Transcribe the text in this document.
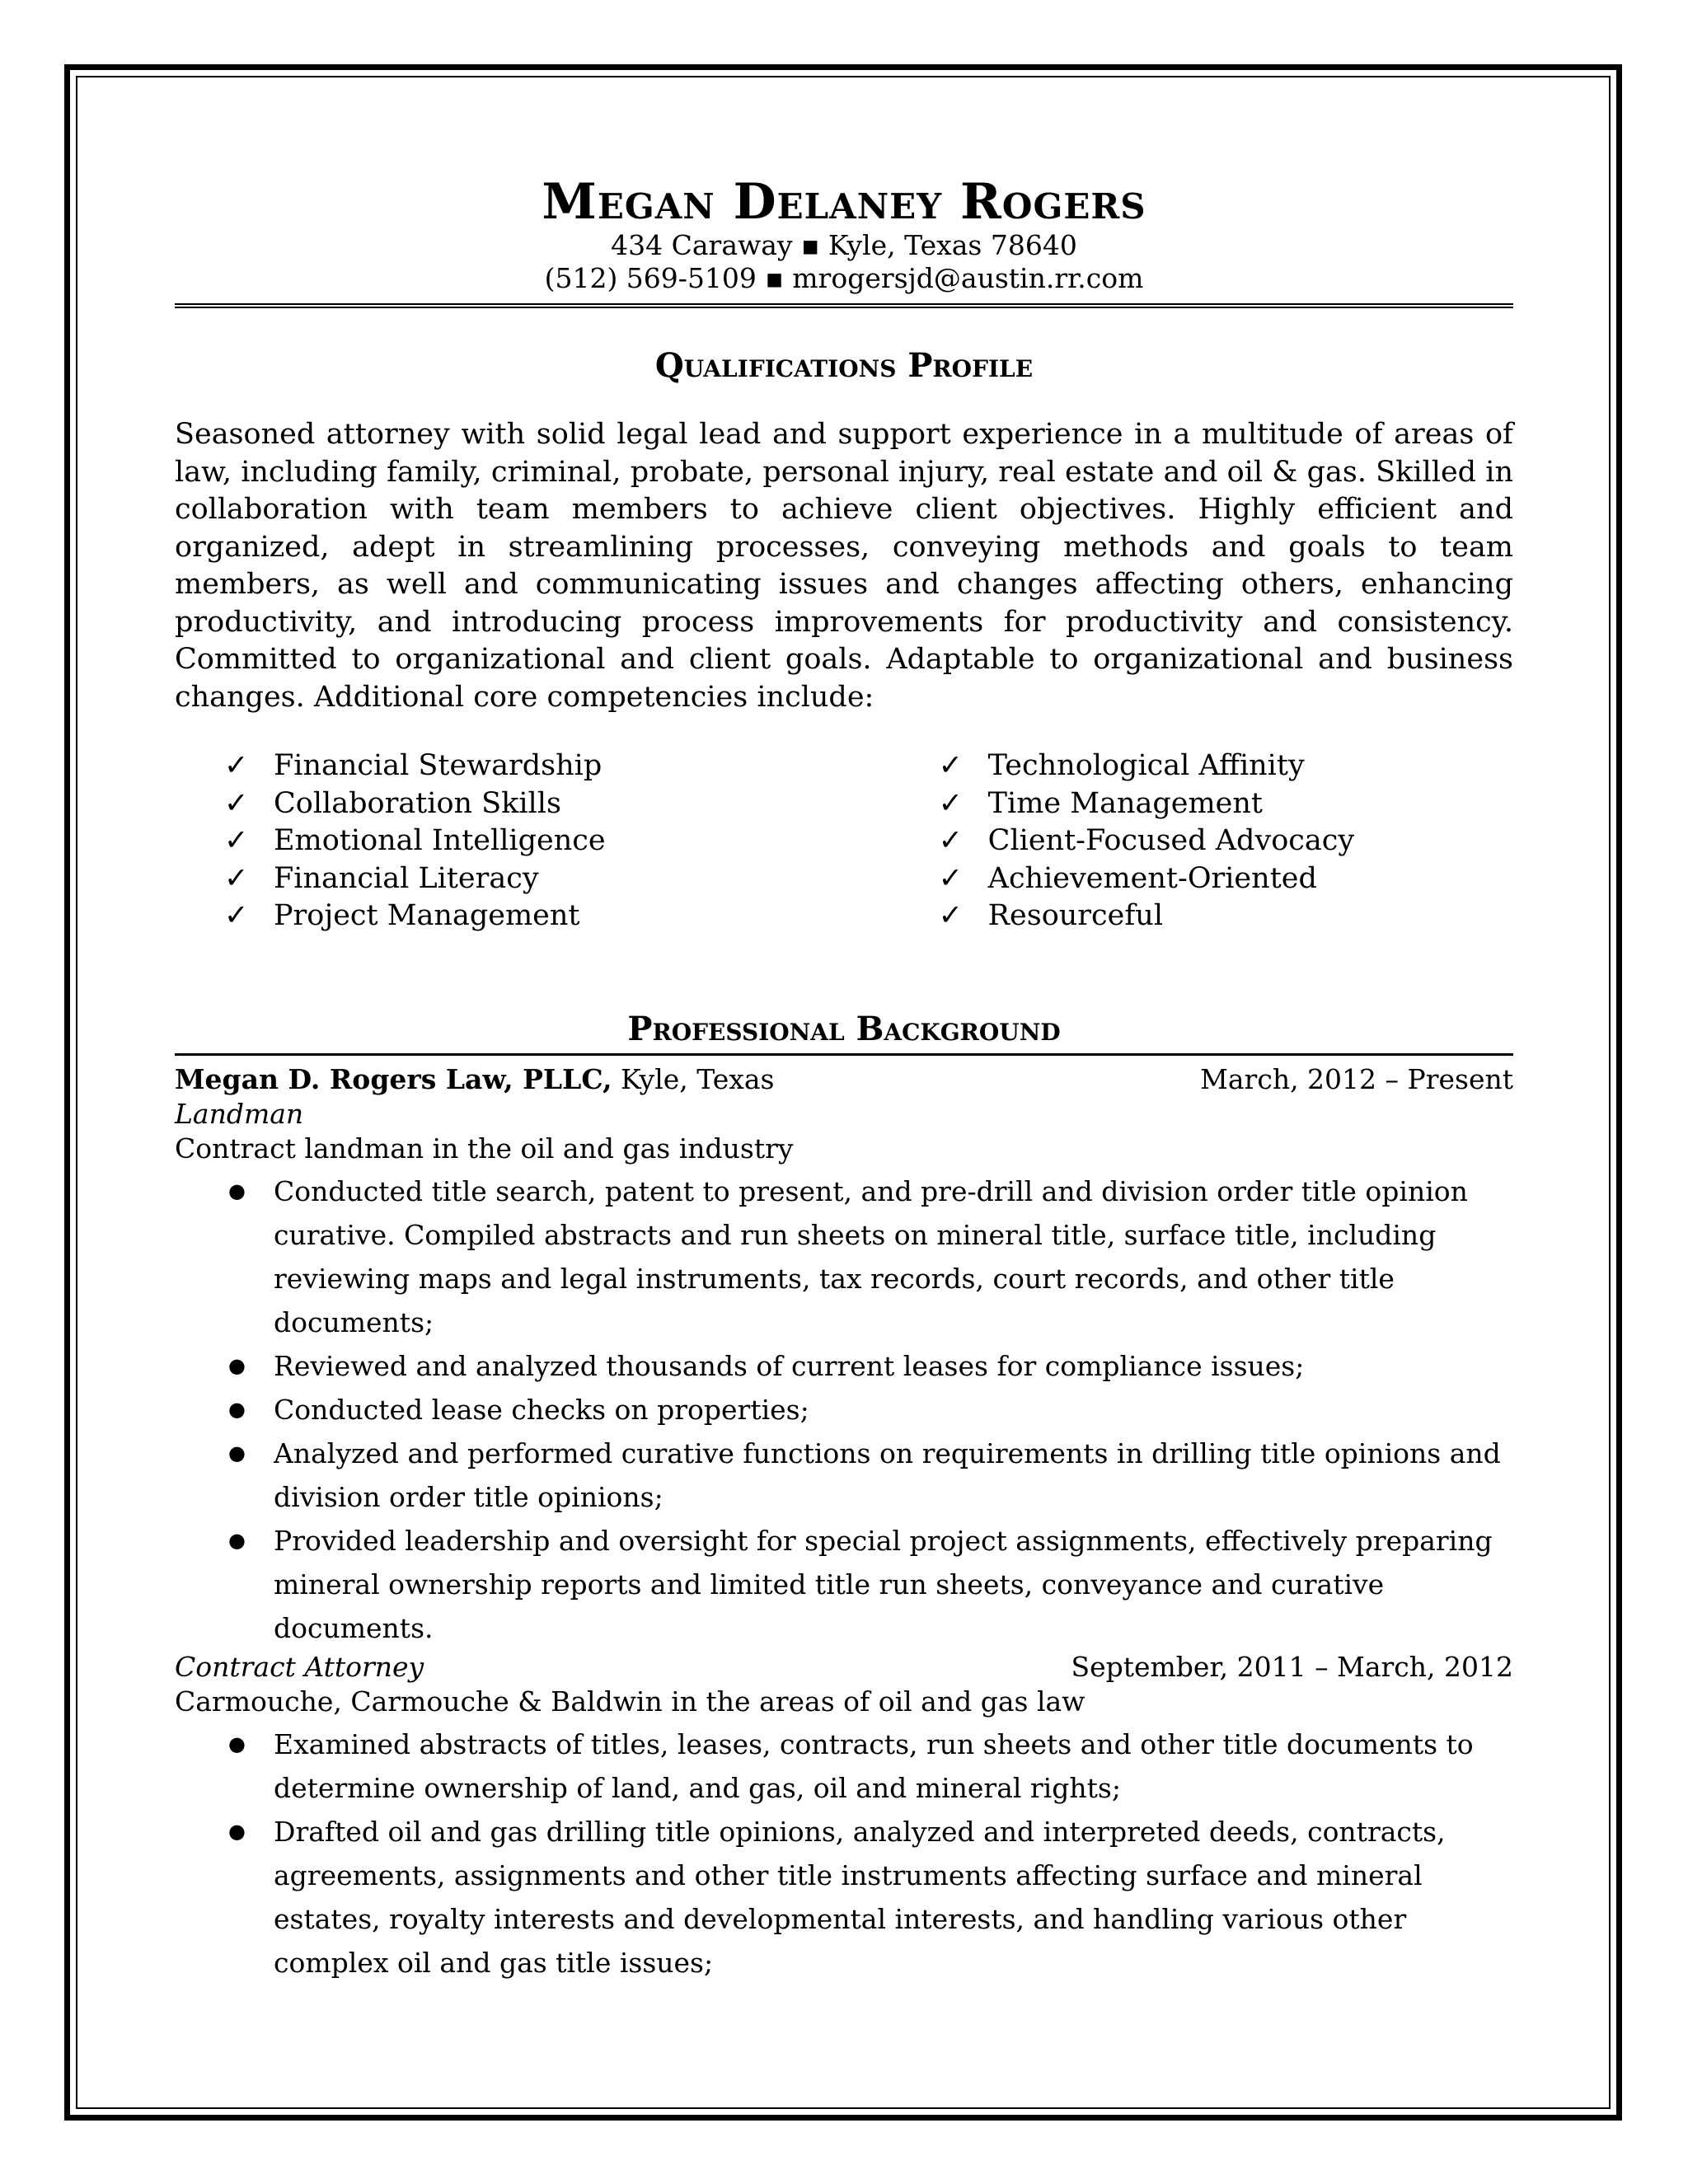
Megan Delaney Rogers

434 Caraway ▪ Kyle, Texas 78640

(512) 569-5109 ▪ mrogersjd@austin.rr.com

Qualifications Profile

Seasoned attorney with solid legal lead and support experience in a multitude of areas of law, including family, criminal, probate, personal injury, real estate and oil & gas. Skilled in collaboration with team members to achieve client objectives. Highly efficient and organized, adept in streamlining processes, conveying methods and goals to team members, as well and communicating issues and changes affecting others, enhancing productivity, and introducing process improvements for productivity and consistency. Committed to organizational and client goals. Adaptable to organizational and business changes. Additional core competencies include:

✓ Financial Stewardship
✓ Collaboration Skills
✓ Emotional Intelligence
✓ Financial Literacy
✓ Project Management
✓ Technological Affinity
✓ Time Management
✓ Client-Focused Advocacy
✓ Achievement-Oriented
✓ Resourceful
Professional Background
Megan D. Rogers Law, PLLC, Kyle, Texas	March, 2012 – Present
Landman
Contract landman in the oil and gas industry
● Conducted title search, patent to present, and pre-drill and division order title opinion curative. Compiled abstracts and run sheets on mineral title, surface title, including reviewing maps and legal instruments, tax records, court records, and other title documents;
● Reviewed and analyzed thousands of current leases for compliance issues;
● Conducted lease checks on properties;
● Analyzed and performed curative functions on requirements in drilling title opinions and division order title opinions;
● Provided leadership and oversight for special project assignments, effectively preparing mineral ownership reports and limited title run sheets, conveyance and curative documents.
Contract Attorney	September, 2011 – March, 2012
Carmouche, Carmouche & Baldwin in the areas of oil and gas law
● Examined abstracts of titles, leases, contracts, run sheets and other title documents to determine ownership of land, and gas, oil and mineral rights;
● Drafted oil and gas drilling title opinions, analyzed and interpreted deeds, contracts, agreements, assignments and other title instruments affecting surface and mineral estates, royalty interests and developmental interests, and handling various other complex oil and gas title issues;
